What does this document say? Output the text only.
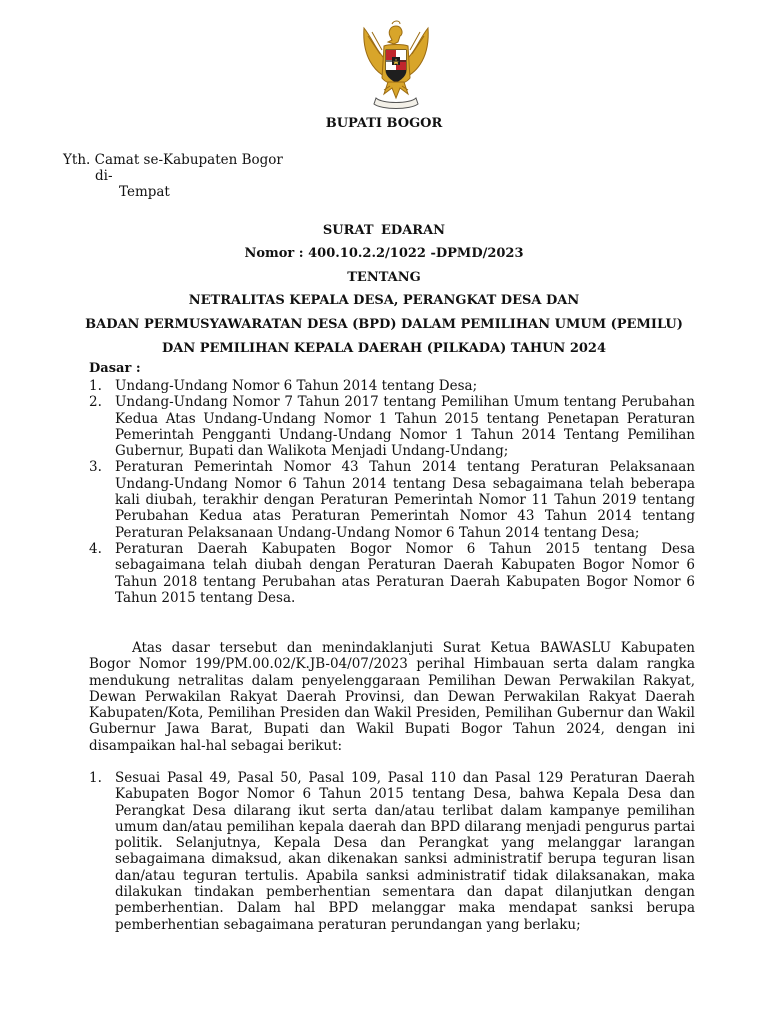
BUPATI BOGOR
Yth. Camat se-Kabupaten Bogor
di-
Tempat
SURAT EDARAN
Nomor : 400.10.2.2/1022 -DPMD/2023
TENTANG
NETRALITAS KEPALA DESA, PERANGKAT DESA DAN
BADAN PERMUSYAWARATAN DESA (BPD) DALAM PEMILIHAN UMUM (PEMILU)
DAN PEMILIHAN KEPALA DAERAH (PILKADA) TAHUN 2024
Dasar :
1. Undang-Undang Nomor 6 Tahun 2014 tentang Desa;
2. Undang-Undang Nomor 7 Tahun 2017 tentang Pemilihan Umum tentang Perubahan Kedua Atas Undang-Undang Nomor 1 Tahun 2015 tentang Penetapan Peraturan Pemerintah Pengganti Undang-Undang Nomor 1 Tahun 2014 Tentang Pemilihan Gubernur, Bupati dan Walikota Menjadi Undang-Undang;
3. Peraturan Pemerintah Nomor 43 Tahun 2014 tentang Peraturan Pelaksanaan Undang-Undang Nomor 6 Tahun 2014 tentang Desa sebagaimana telah beberapa kali diubah, terakhir dengan Peraturan Pemerintah Nomor 11 Tahun 2019 tentang Perubahan Kedua atas Peraturan Pemerintah Nomor 43 Tahun 2014 tentang Peraturan Pelaksanaan Undang-Undang Nomor 6 Tahun 2014 tentang Desa;
4. Peraturan Daerah Kabupaten Bogor Nomor 6 Tahun 2015 tentang Desa sebagaimana telah diubah dengan Peraturan Daerah Kabupaten Bogor Nomor 6 Tahun 2018 tentang Perubahan atas Peraturan Daerah Kabupaten Bogor Nomor 6 Tahun 2015 tentang Desa.

Atas dasar tersebut dan menindaklanjuti Surat Ketua BAWASLU Kabupaten Bogor Nomor 199/PM.00.02/K.JB-04/07/2023 perihal Himbauan serta dalam rangka mendukung netralitas dalam penyelenggaraan Pemilihan Dewan Perwakilan Rakyat, Dewan Perwakilan Rakyat Daerah Provinsi, dan Dewan Perwakilan Rakyat Daerah Kabupaten/Kota, Pemilihan Presiden dan Wakil Presiden, Pemilihan Gubernur dan Wakil Gubernur Jawa Barat, Bupati dan Wakil Bupati Bogor Tahun 2024, dengan ini disampaikan hal-hal sebagai berikut:

1. Sesuai Pasal 49, Pasal 50, Pasal 109, Pasal 110 dan Pasal 129 Peraturan Daerah Kabupaten Bogor Nomor 6 Tahun 2015 tentang Desa, bahwa Kepala Desa dan Perangkat Desa dilarang ikut serta dan/atau terlibat dalam kampanye pemilihan umum dan/atau pemilihan kepala daerah dan BPD dilarang menjadi pengurus partai politik. Selanjutnya, Kepala Desa dan Perangkat yang melanggar larangan sebagaimana dimaksud, akan dikenakan sanksi administratif berupa teguran lisan dan/atau teguran tertulis. Apabila sanksi administratif tidak dilaksanakan, maka dilakukan tindakan pemberhentian sementara dan dapat dilanjutkan dengan pemberhentian. Dalam hal BPD melanggar maka mendapat sanksi berupa pemberhentian sebagaimana peraturan perundangan yang berlaku;
